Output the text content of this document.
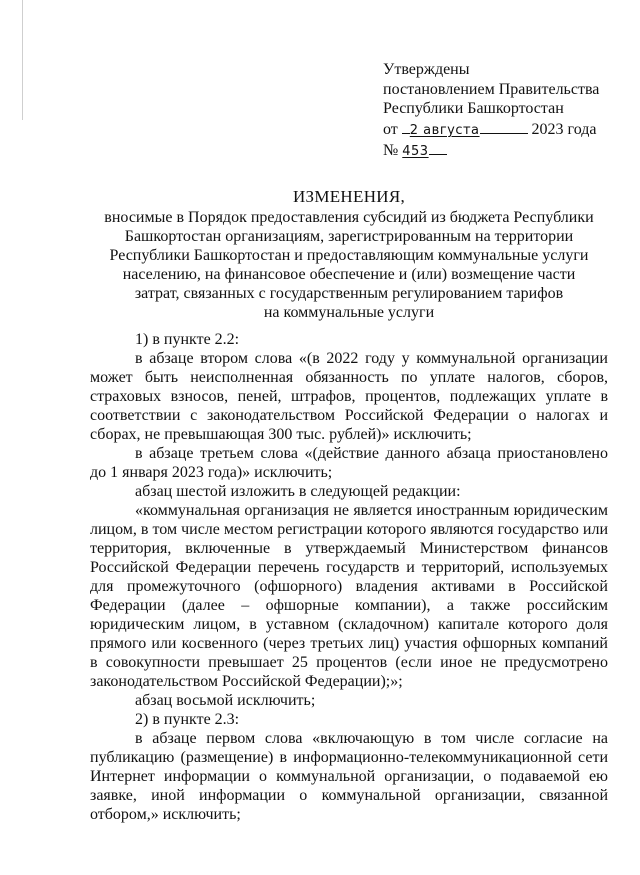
Утверждены
постановлением Правительства
Республики Башкортостан
от 2 августа	2023 года
№ 453
ИЗМЕНЕНИЯ,
вносимые в Порядок предоставления субсидий из бюджета Республики
Башкортостан организациям, зарегистрированным на территории
Республики Башкортостан и предоставляющим коммунальные услуги
населению, на финансовое обеспечение и (или) возмещение части
затрат, связанных с государственным регулированием тарифов
на коммунальные услуги

1) в пункте 2.2:

в абзаце втором слова «(в 2022 году у коммунальной организации может быть неисполненная обязанность по уплате налогов, сборов, страховых взносов, пеней, штрафов, процентов, подлежащих уплате в соответствии с законодательством Российской Федерации о налогах и сборах, не превышающая 300 тыс. рублей)» исключить;

в абзаце третьем слова «(действие данного абзаца приостановлено до 1 января 2023 года)» исключить;

абзац шестой изложить в следующей редакции:

«коммунальная организация не является иностранным юридическим лицом, в том числе местом регистрации которого являются государство или территория, включенные в утверждаемый Министерством финансов Российской Федерации перечень государств и территорий, используемых для промежуточного (офшорного) владения активами в Российской Федерации (далее – офшорные компании), а также российским юридическим лицом, в уставном (складочном) капитале которого доля прямого или косвенного (через третьих лиц) участия офшорных компаний в совокупности превышает 25 процентов (если иное не предусмотрено законодательством Российской Федерации);»;

абзац восьмой исключить;

2) в пункте 2.3:

в абзаце первом слова «включающую в том числе согласие на публикацию (размещение) в информационно-телекоммуникационной сети Интернет информации о коммунальной организации, о подаваемой ею заявке, иной информации о коммунальной организации, связанной отбором,» исключить;
